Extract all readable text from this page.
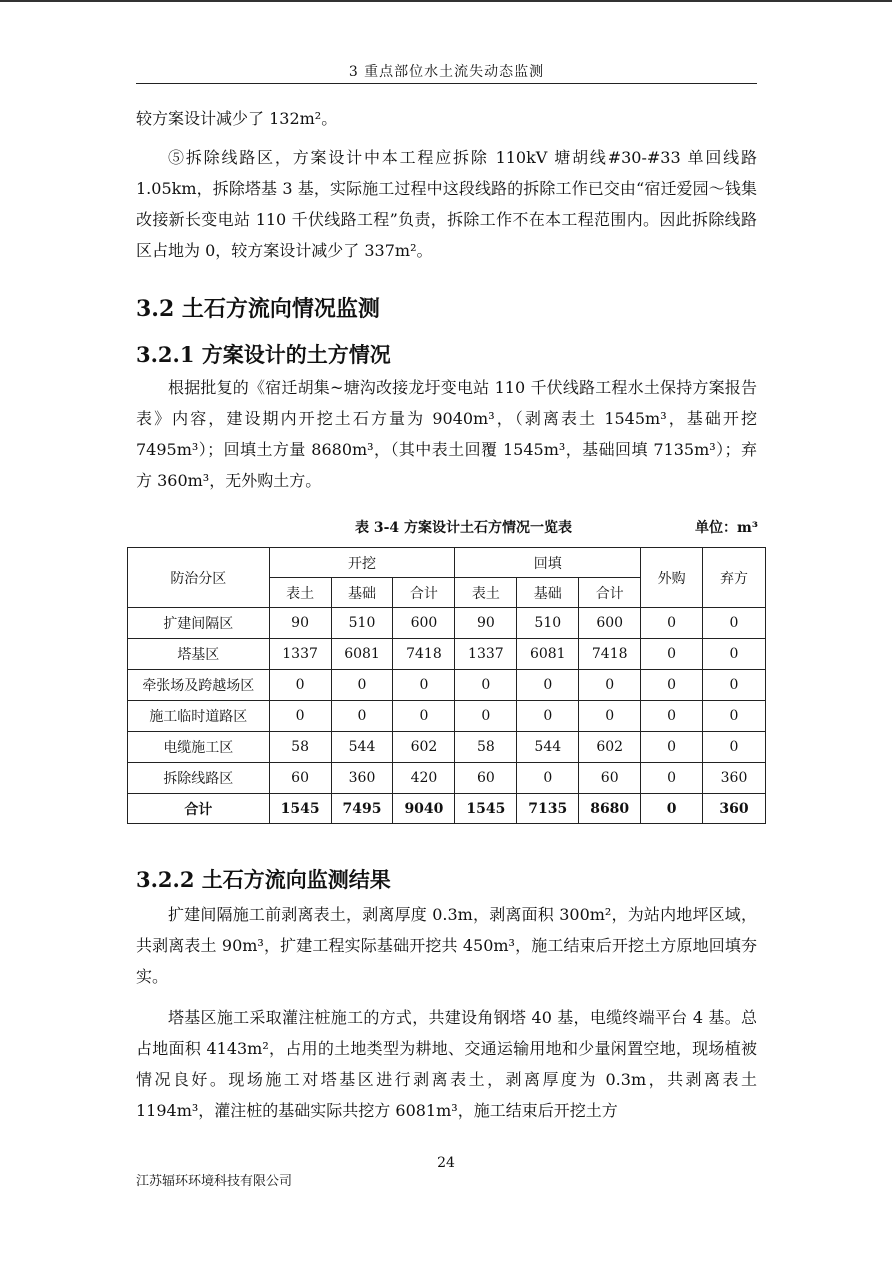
3 重点部位水土流失动态监测
较方案设计减少了 132m²。
⑤拆除线路区，方案设计中本工程应拆除 110kV 塘胡线#30-#33 单回线路 1.05km，拆除塔基 3 基，实际施工过程中这段线路的拆除工作已交由“宿迁爱园～钱集改接新长变电站 110 千伏线路工程”负责，拆除工作不在本工程范围内。因此拆除线路区占地为 0，较方案设计减少了 337m²。
3.2 土石方流向情况监测
3.2.1 方案设计的土方情况
根据批复的《宿迁胡集~塘沟改接龙圩变电站 110 千伏线路工程水土保持方案报告表》内容，建设期内开挖土石方量为 9040m³，（剥离表土 1545m³，基础开挖 7495m³）；回填土方量 8680m³，（其中表土回覆 1545m³，基础回填 7135m³）；弃方 360m³，无外购土方。
表 3-4 方案设计土石方情况一览表	单位：m³
防治分区	开挖			回填			外购	弃方
	表土	基础	合计	表土	基础	合计		
扩建间隔区	90	510	600	90	510	600	0	0
塔基区	1337	6081	7418	1337	6081	7418	0	0
牵张场及跨越场区	0	0	0	0	0	0	0	0
施工临时道路区	0	0	0	0	0	0	0	0
电缆施工区	58	544	602	58	544	602	0	0
拆除线路区	60	360	420	60	0	60	0	360
合计	1545	7495	9040	1545	7135	8680	0	360
3.2.2 土石方流向监测结果
扩建间隔施工前剥离表土，剥离厚度 0.3m，剥离面积 300m²，为站内地坪区域，共剥离表土 90m³，扩建工程实际基础开挖共 450m³，施工结束后开挖土方原地回填夯实。
塔基区施工采取灌注桩施工的方式，共建设角钢塔 40 基，电缆终端平台 4 基。总占地面积 4143m²，占用的土地类型为耕地、交通运输用地和少量闲置空地，现场植被情况良好。现场施工对塔基区进行剥离表土，剥离厚度为 0.3m，共剥离表土 1194m³，灌注桩的基础实际共挖方 6081m³，施工结束后开挖土方
24
江苏辐环环境科技有限公司
